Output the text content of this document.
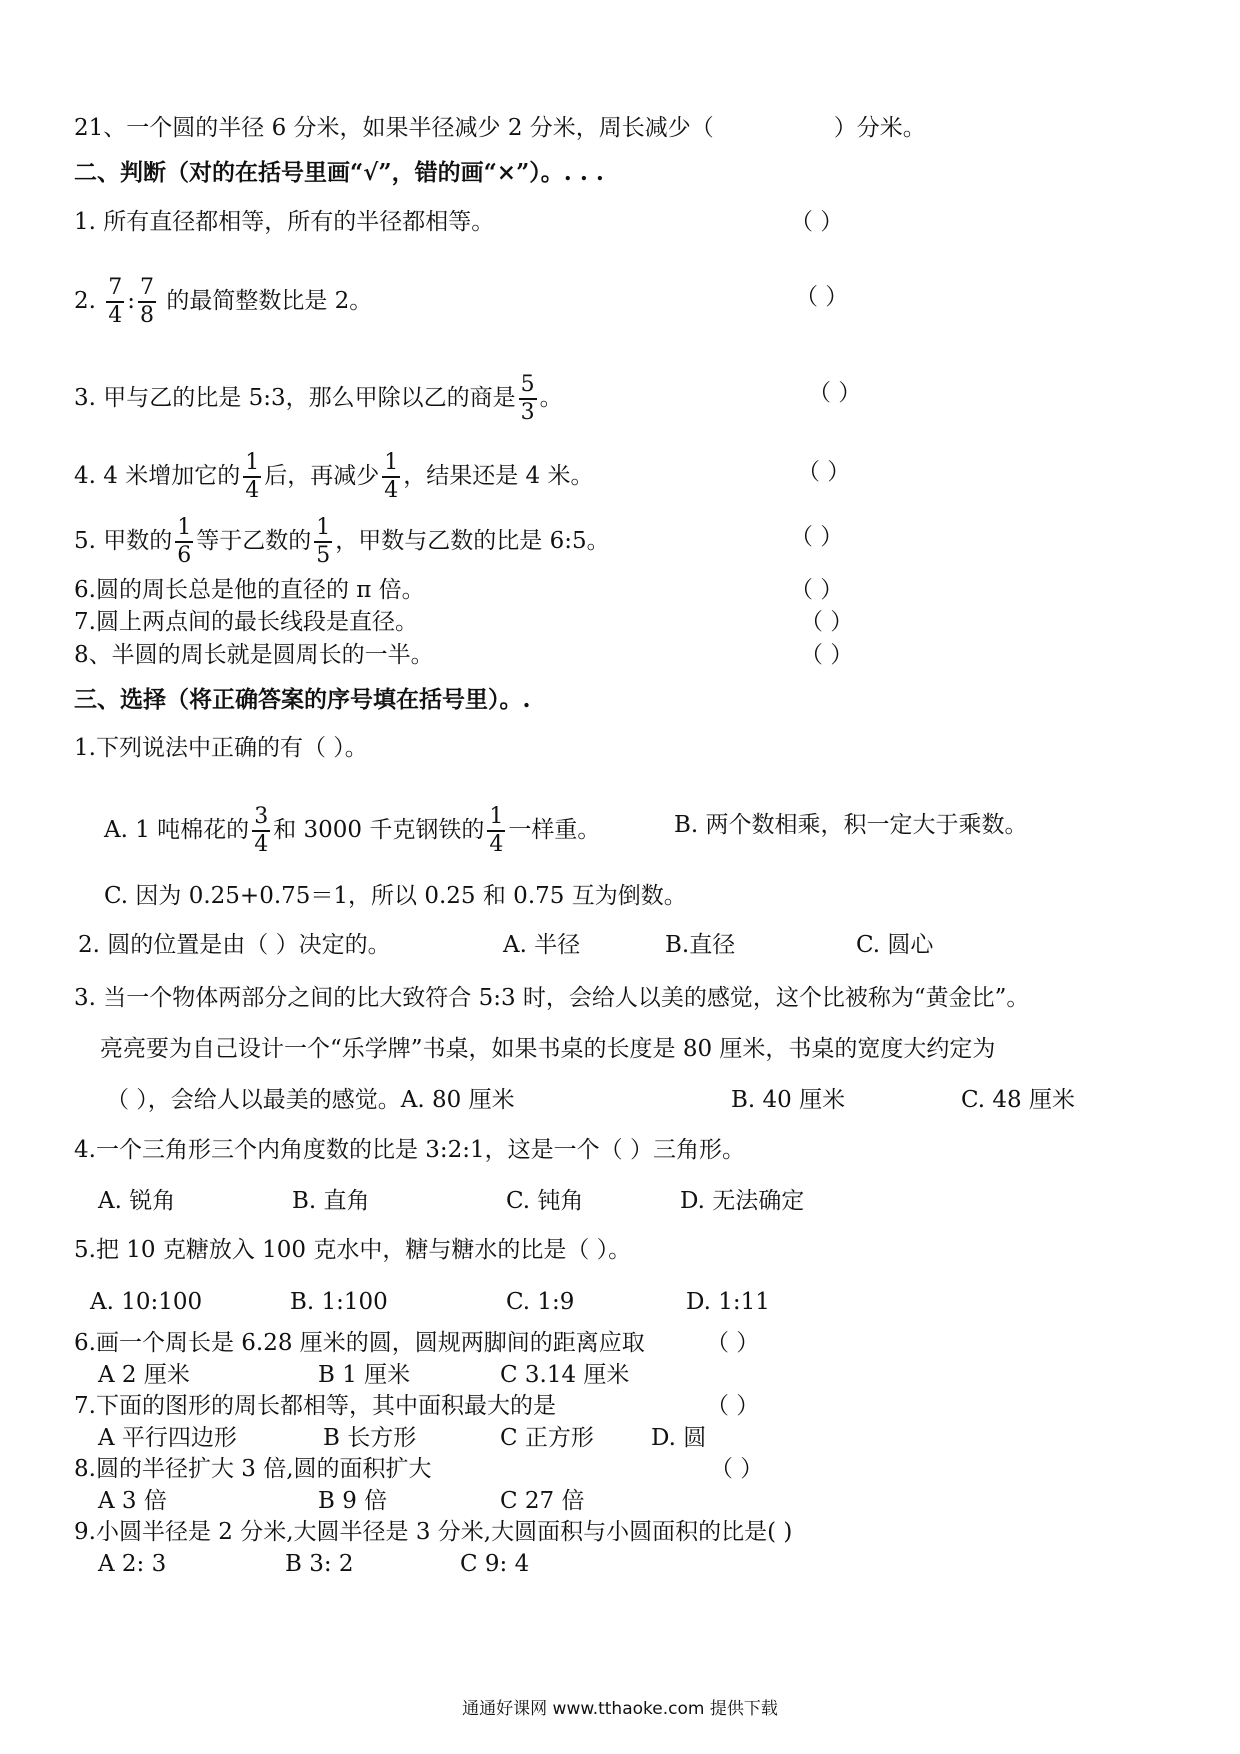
21、一个圆的半径 6 分米，如果半径减少 2 分米，周长减少（	）分米。
二、判断（对的在括号里画“√”，错的画“×”）。. . .
1. 所有直径都相等，所有的半径都相等。	（ ）
2. $\frac{7}{4}$ : $\frac{7}{8}$ 的最简整数比是 2。	（ ）
3. 甲与乙的比是 5:3，那么甲除以乙的商是 $\frac{5}{3}$ 。	（ ）
4. 4 米增加它的 $\frac{1}{4}$ 后，再减少 $\frac{1}{4}$ ，结果还是 4 米。	（ ）
5. 甲数的 $\frac{1}{6}$ 等于乙数的 $\frac{1}{5}$ ，甲数与乙数的比是 6:5。	（ ）
6.圆的周长总是他的直径的 π 倍。	（ ）
7.圆上两点间的最长线段是直径。	（ ）
8、半圆的周长就是圆周长的一半。	（ ）
三、选择（将正确答案的序号填在括号里）。.
1.下列说法中正确的有（ ）。
A. 1 吨棉花的 $\frac{3}{4}$ 和 3000 千克钢铁的 $\frac{1}{4}$ 一样重。	B. 两个数相乘，积一定大于乘数。
C. 因为 0.25+0.75＝1，所以 0.25 和 0.75 互为倒数。
2. 圆的位置是由（ ）决定的。	A. 半径	B.直径	C. 圆心
3. 当一个物体两部分之间的比大致符合 5:3 时，会给人以美的感觉，这个比被称为“黄金比”。
亮亮要为自己设计一个“乐学牌”书桌，如果书桌的长度是 80 厘米，书桌的宽度大约定为
（ ），会给人以最美的感觉。A. 80 厘米	B. 40 厘米	C. 48 厘米
4.一个三角形三个内角度数的比是 3:2:1，这是一个（ ）三角形。
A. 锐角	B. 直角	C. 钝角	D. 无法确定
5.把 10 克糖放入 100 克水中，糖与糖水的比是（ ）。
A. 10:100	B. 1:100	C. 1:9	D. 1:11
6.画一个周长是 6.28 厘米的圆，圆规两脚间的距离应取	（ ）
A 2 厘米	B 1 厘米	C 3.14 厘米
7.下面的图形的周长都相等，其中面积最大的是	（ ）
A 平行四边形	B 长方形	C 正方形 D. 圆
8.圆的半径扩大 3 倍,圆的面积扩大	（ ）
A 3 倍	B 9 倍	C 27 倍
9.小圆半径是 2 分米,大圆半径是 3 分米,大圆面积与小圆面积的比是( )
A 2: 3	B 3: 2	C 9: 4
通通好课网 www.tthaoke.com 提供下载
